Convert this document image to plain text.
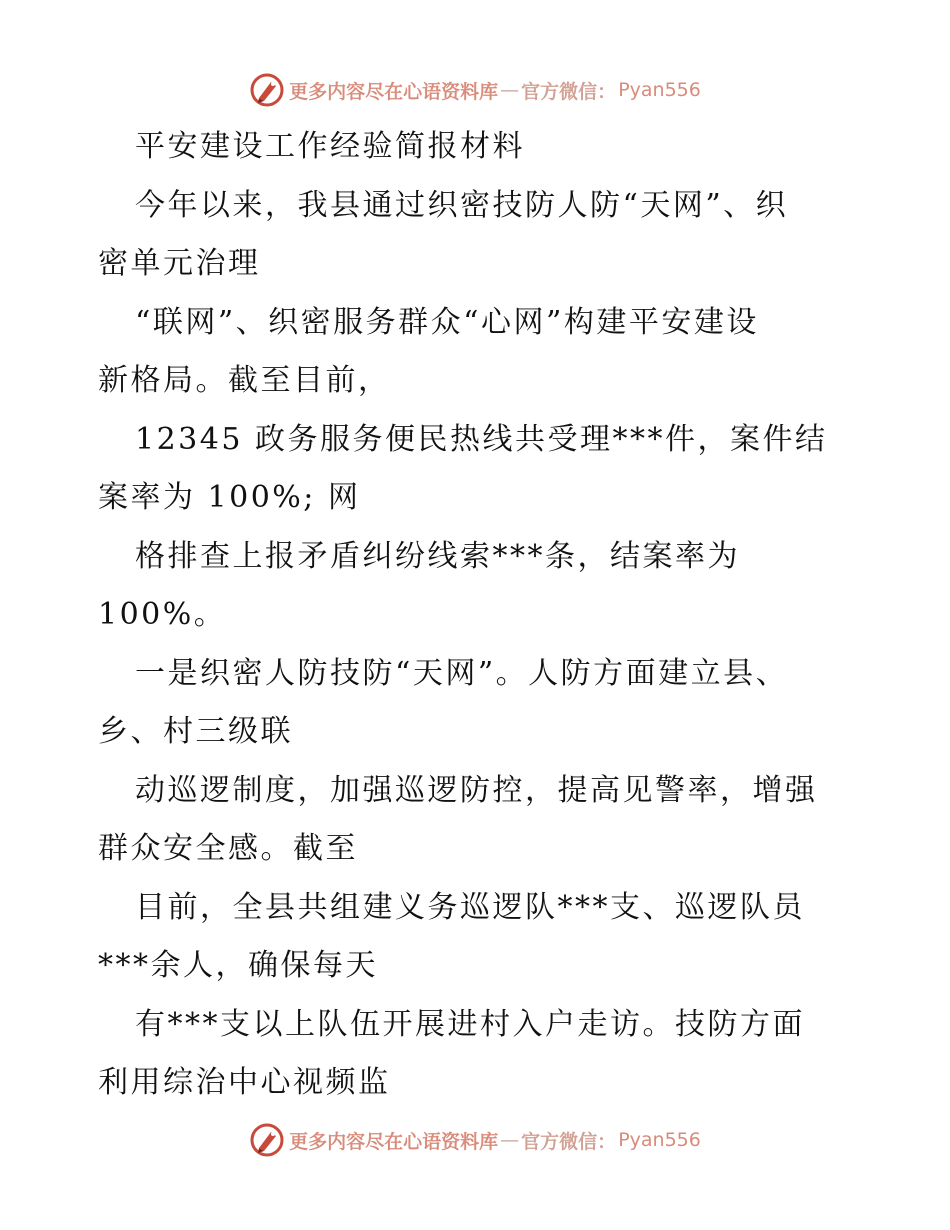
更多内容尽在心语资料库 — 官方微信： Pyan556
平安建设工作经验简报材料
今年以来，我县通过织密技防人防“天网”、织
密单元治理
“联网”、织密服务群众“心网”构建平安建设
新格局。截至目前，
12345 政务服务便民热线共受理***件，案件结
案率为 100%; 网
格排查上报矛盾纠纷线索***条，结案率为
100%。
一是织密人防技防“天网”。人防方面建立县、
乡、村三级联
动巡逻制度，加强巡逻防控，提高见警率，增强
群众安全感。截至
目前，全县共组建义务巡逻队***支、巡逻队员
***余人，确保每天
有***支以上队伍开展进村入户走访。技防方面
利用综治中心视频监
更多内容尽在心语资料库 — 官方微信： Pyan556
